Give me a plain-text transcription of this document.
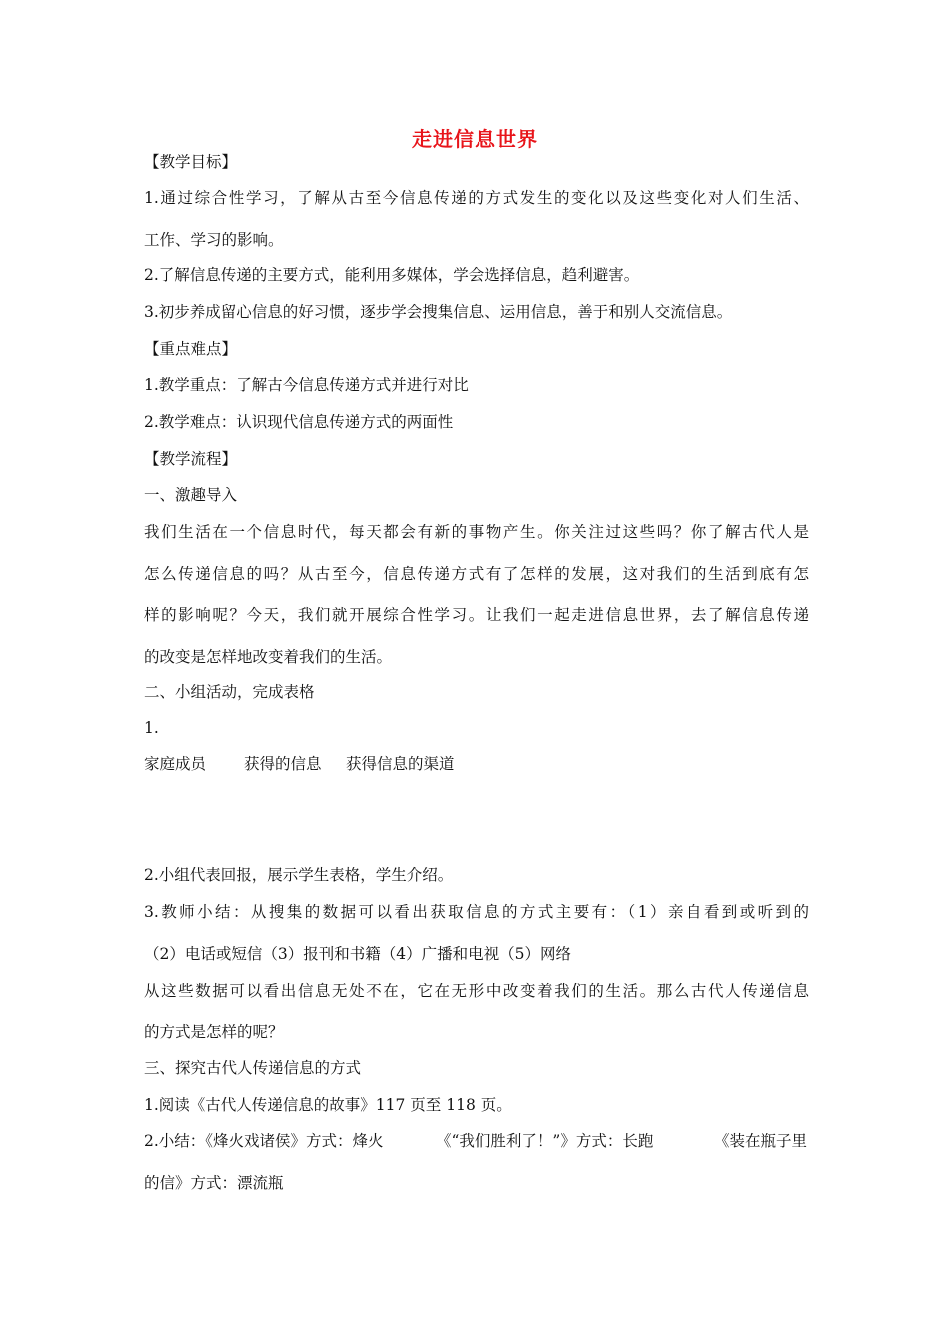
走进信息世界
【教学目标】
1.通过综合性学习，了解从古至今信息传递的方式发生的变化以及这些变化对人们生活、
工作、学习的影响。
2.了解信息传递的主要方式，能利用多媒体，学会选择信息，趋利避害。
3.初步养成留心信息的好习惯，逐步学会搜集信息、运用信息，善于和别人交流信息。
【重点难点】
1.教学重点：了解古今信息传递方式并进行对比
2.教学难点：认识现代信息传递方式的两面性
【教学流程】
一、激趣导入
我们生活在一个信息时代，每天都会有新的事物产生。你关注过这些吗？你了解古代人是
怎么传递信息的吗？从古至今，信息传递方式有了怎样的发展，这对我们的生活到底有怎
样的影响呢？今天，我们就开展综合性学习。让我们一起走进信息世界，去了解信息传递
的改变是怎样地改变着我们的生活。
二、小组活动，完成表格
1.
家庭成员 获得的信息 获得信息的渠道
2.小组代表回报，展示学生表格，学生介绍。
3.教师小结：从搜集的数据可以看出获取信息的方式主要有：（1）亲自看到或听到的
（2）电话或短信（3）报刊和书籍（4）广播和电视（5）网络
从这些数据可以看出信息无处不在，它在无形中改变着我们的生活。那么古代人传递信息
的方式是怎样的呢？
三、探究古代人传递信息的方式
1.阅读《古代人传递信息的故事》117 页至 118 页。
2.小结：《烽火戏诸侯》方式：烽火	《“我们胜利了！”》方式：长跑	《装在瓶子里
的信》方式：漂流瓶
